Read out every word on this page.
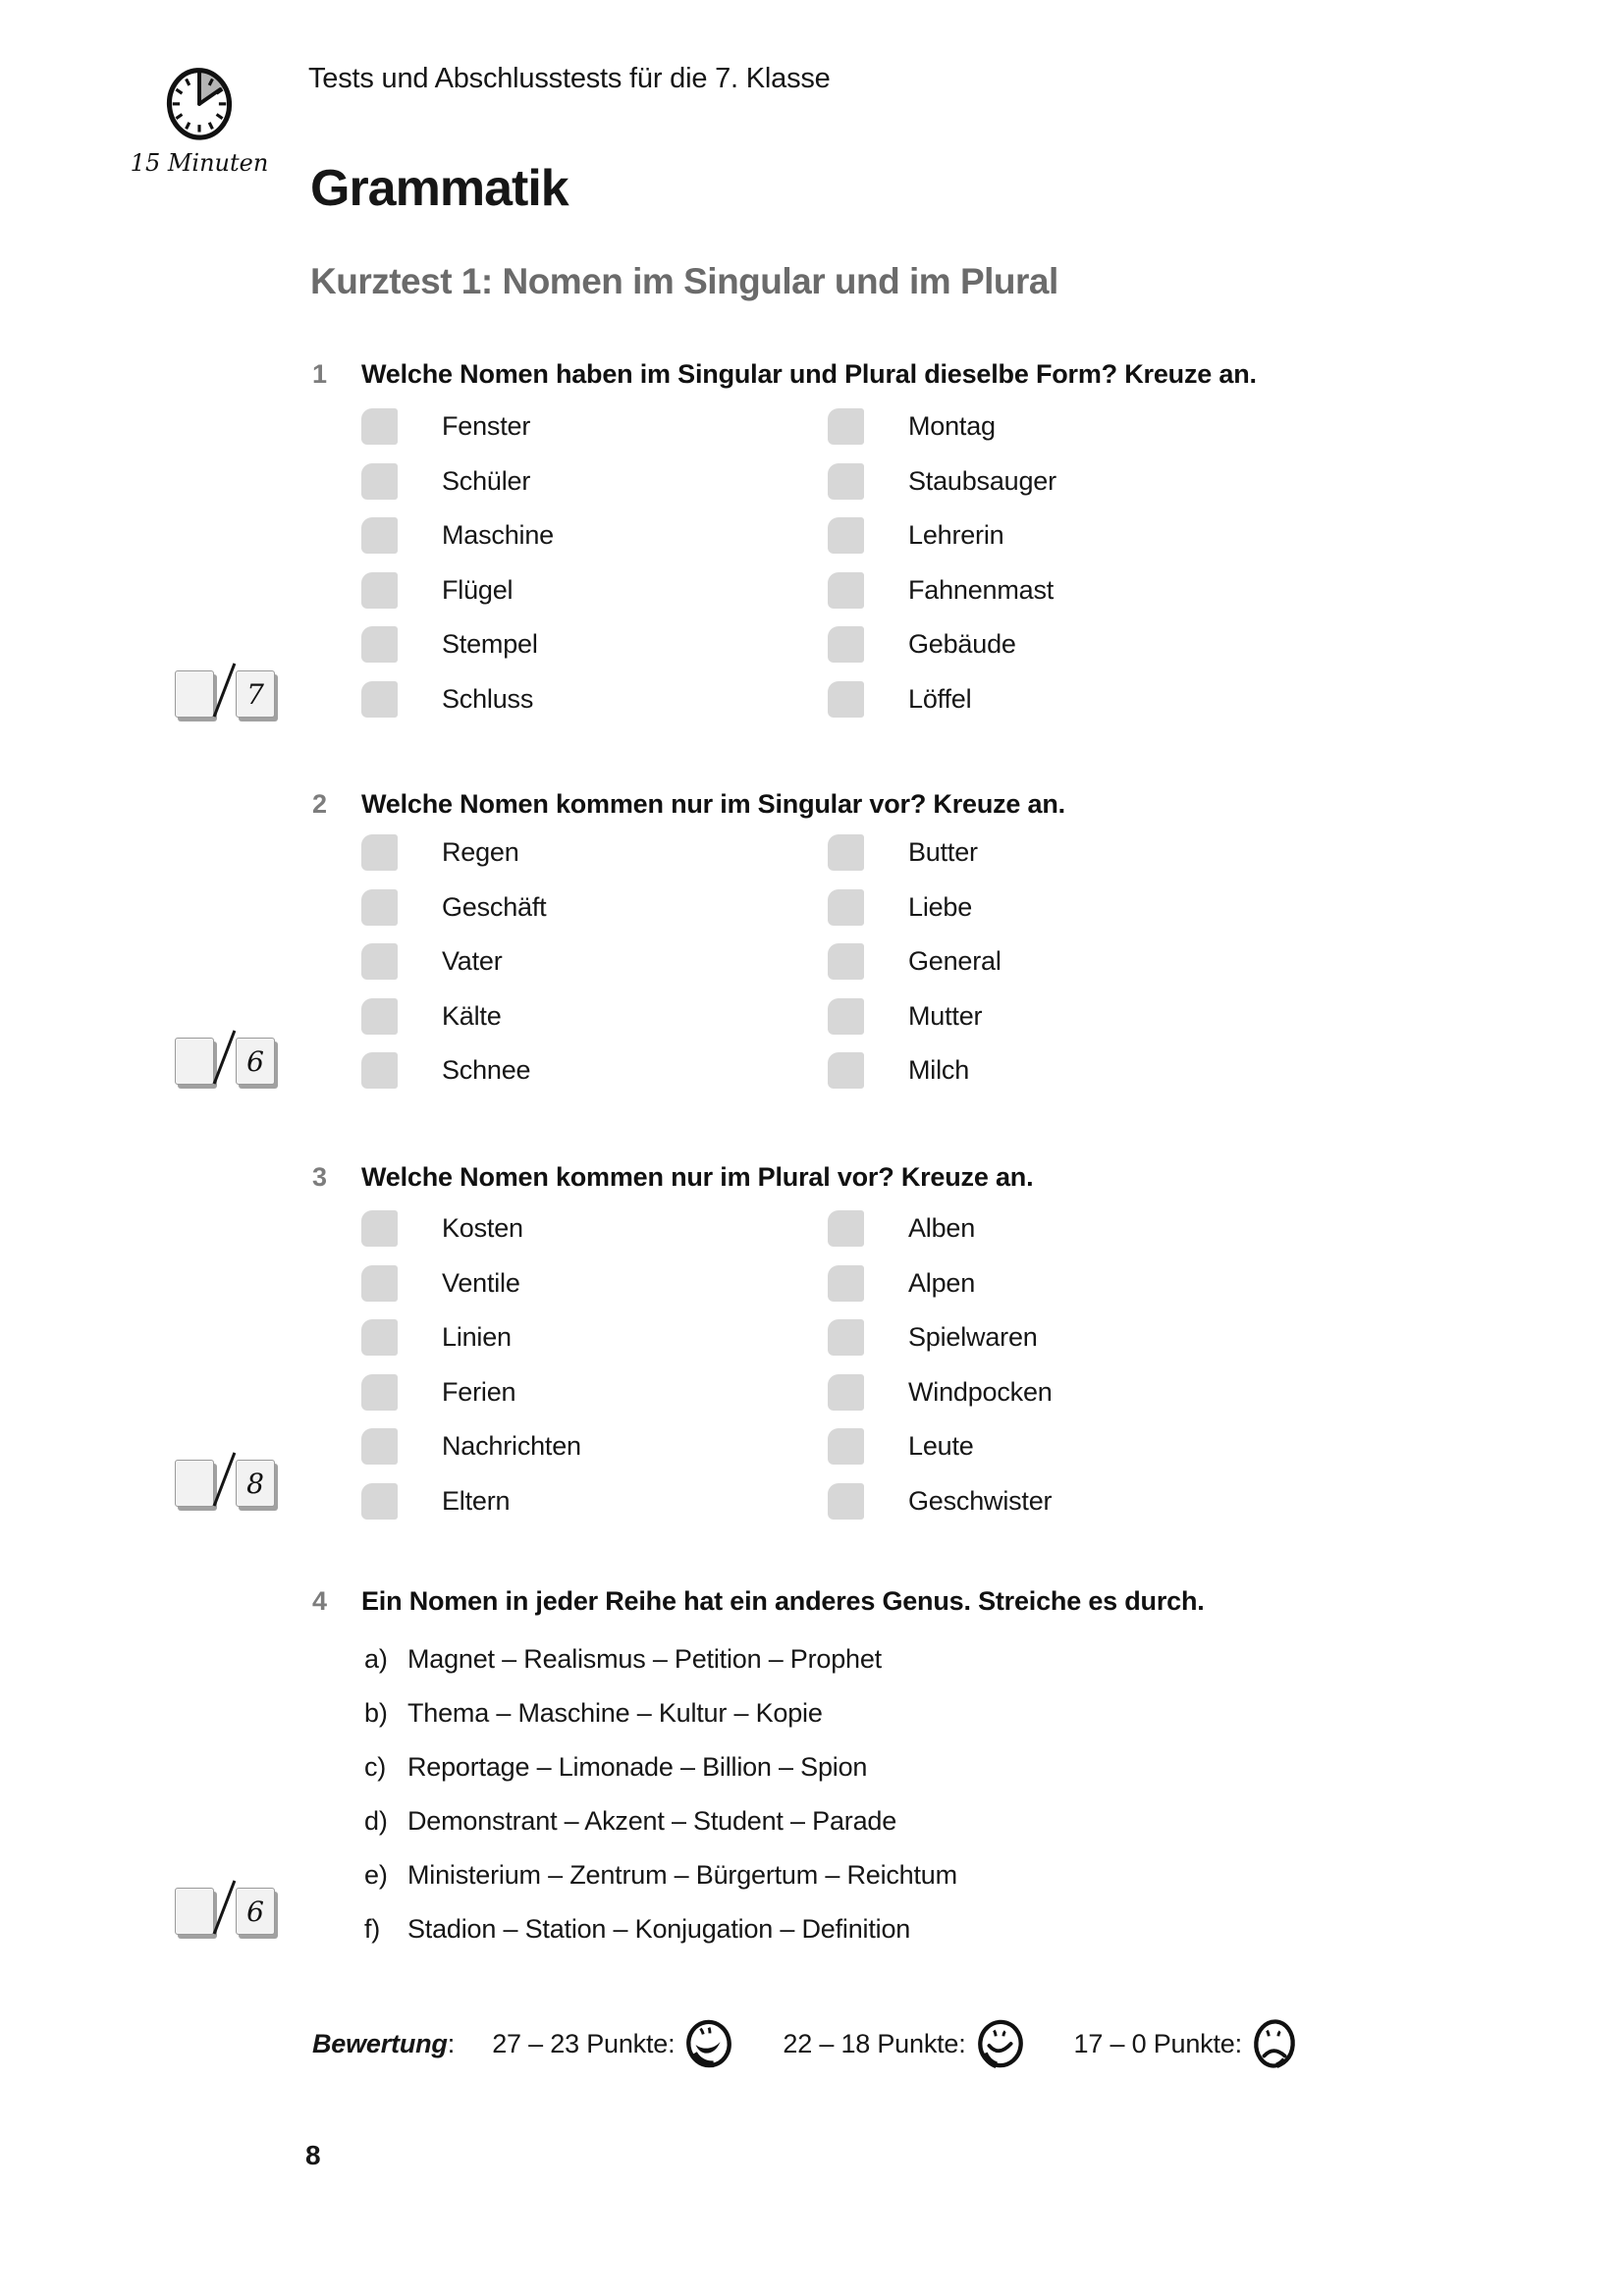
15 Minuten
Tests und Abschlusstests für die 7. Klasse
Grammatik
Kurztest 1: Nomen im Singular und im Plural
1	Welche Nomen haben im Singular und Plural dieselbe Form? Kreuze an.
Fenster	Montag
Schüler	Staubsauger
Maschine	Lehrerin
Flügel	Fahnenmast
Stempel	Gebäude
Schluss	Löffel
7
2	Welche Nomen kommen nur im Singular vor? Kreuze an.
Regen	Butter
Geschäft	Liebe
Vater	General
Kälte	Mutter
Schnee	Milch
6
3	Welche Nomen kommen nur im Plural vor? Kreuze an.
Kosten	Alben
Ventile	Alpen
Linien	Spielwaren
Ferien	Windpocken
Nachrichten	Leute
Eltern	Geschwister
8
4	Ein Nomen in jeder Reihe hat ein anderes Genus. Streiche es durch.
a) Magnet – Realismus – Petition – Prophet
b) Thema – Maschine – Kultur – Kopie
c) Reportage – Limonade – Billion – Spion
d) Demonstrant – Akzent – Student – Parade
e) Ministerium – Zentrum – Bürgertum – Reichtum
f)	Stadion – Station – Konjugation – Definition
6
Bewertung : 27 – 23 Punkte:	22 – 18 Punkte:	17 – 0 Punkte:
8
